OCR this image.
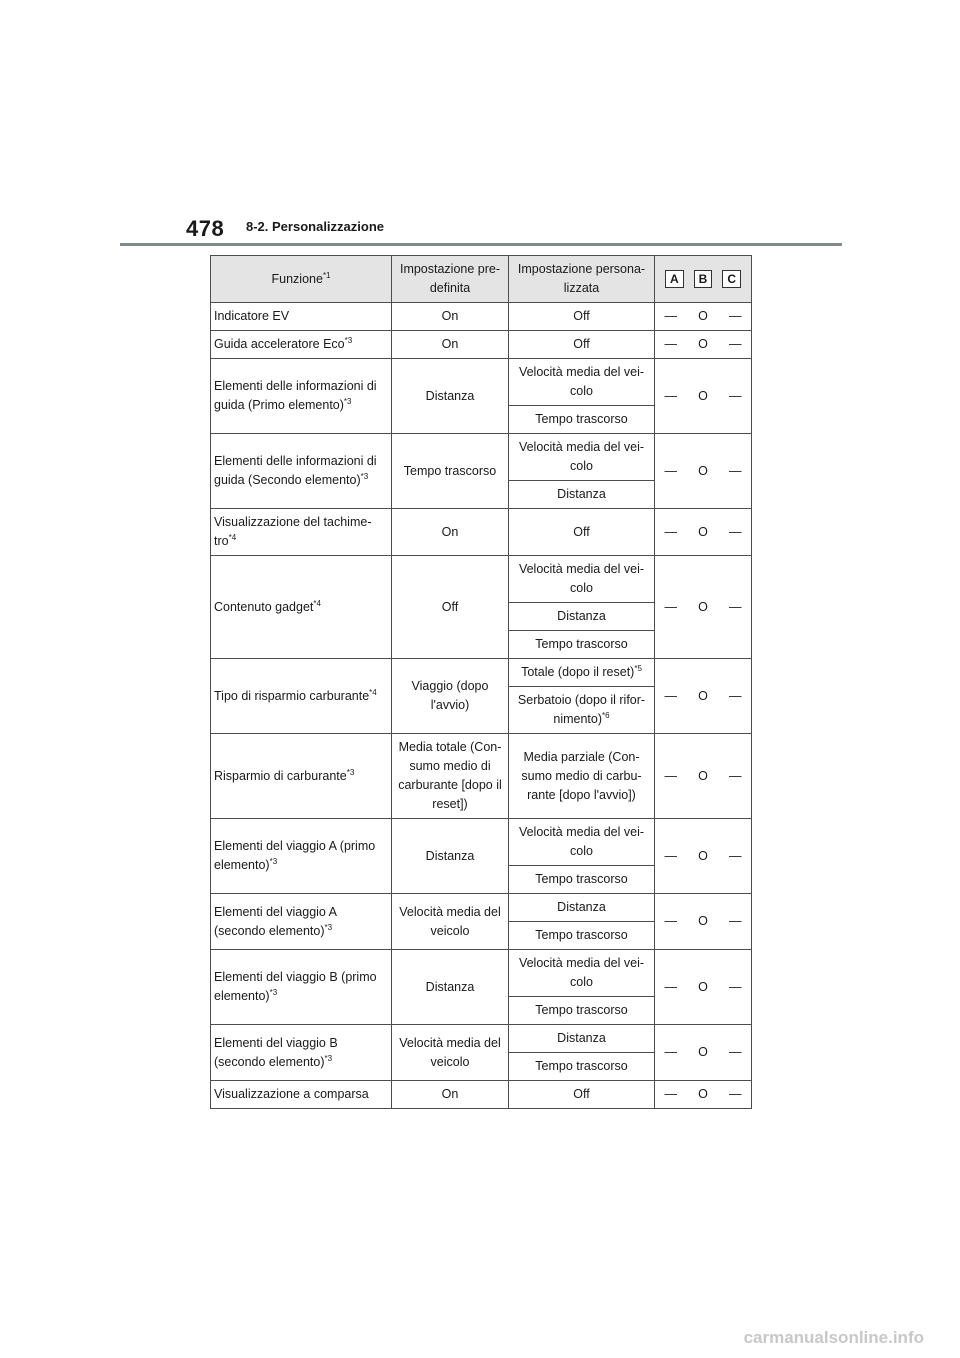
478 8-2. Personalizzazione
Funzione$^{*1}$	Impostazione pre-definita	Impostazione persona-lizzata	A B C		

Indicatore EV	On	Off	—	O	—
Guida acceleratore Eco$^{*3}$	On	Off	—	O	—
Elementi delle informazioni di guida (Primo elemento)$^{*3}$	Distanza	Velocità media del vei-colo	—	O	—
		Tempo trascorso			
Elementi delle informazioni di guida (Secondo elemento)$^{*3}$	Tempo trascorso	Velocità media del vei-colo	—	O	—
		Distanza			
Visualizzazione del tachime-tro$^{*4}$	On	Off	—	O	—
Contenuto gadget$^{*4}$	Off	Velocità media del vei-colo	—	O	—
		Distanza			
		Tempo trascorso			
Tipo di risparmio carburante$^{*4}$	Viaggio (dopo l'avvio)	Totale (dopo il reset)$^{*5}$	—	O	—
		Serbatoio (dopo il rifor-nimento)$^{*6}$
Risparmio di carburante$^{*3}$	Media totale (Con-sumo medio di carburante [dopo il reset])	Media parziale (Con-sumo medio di carbu-rante [dopo l'avvio])	—	O	—
Elementi del viaggio A (primo elemento)$^{*3}$	Distanza	Velocità media del vei-colo	—	O	—
		Tempo trascorso			
Elementi del viaggio A (secondo elemento)$^{*3}$	Velocità media del veicolo	Distanza	—	O	—
		Tempo trascorso			
Elementi del viaggio B (primo elemento)$^{*3}$	Distanza	Velocità media del vei-colo	—	O	—
		Tempo trascorso			
Elementi del viaggio B (secondo elemento)$^{*3}$	Velocità media del veicolo	Distanza	—	O	—
		Tempo trascorso			
Visualizzazione a comparsa	On	Off	—	O	—
carmanualsonline.info
